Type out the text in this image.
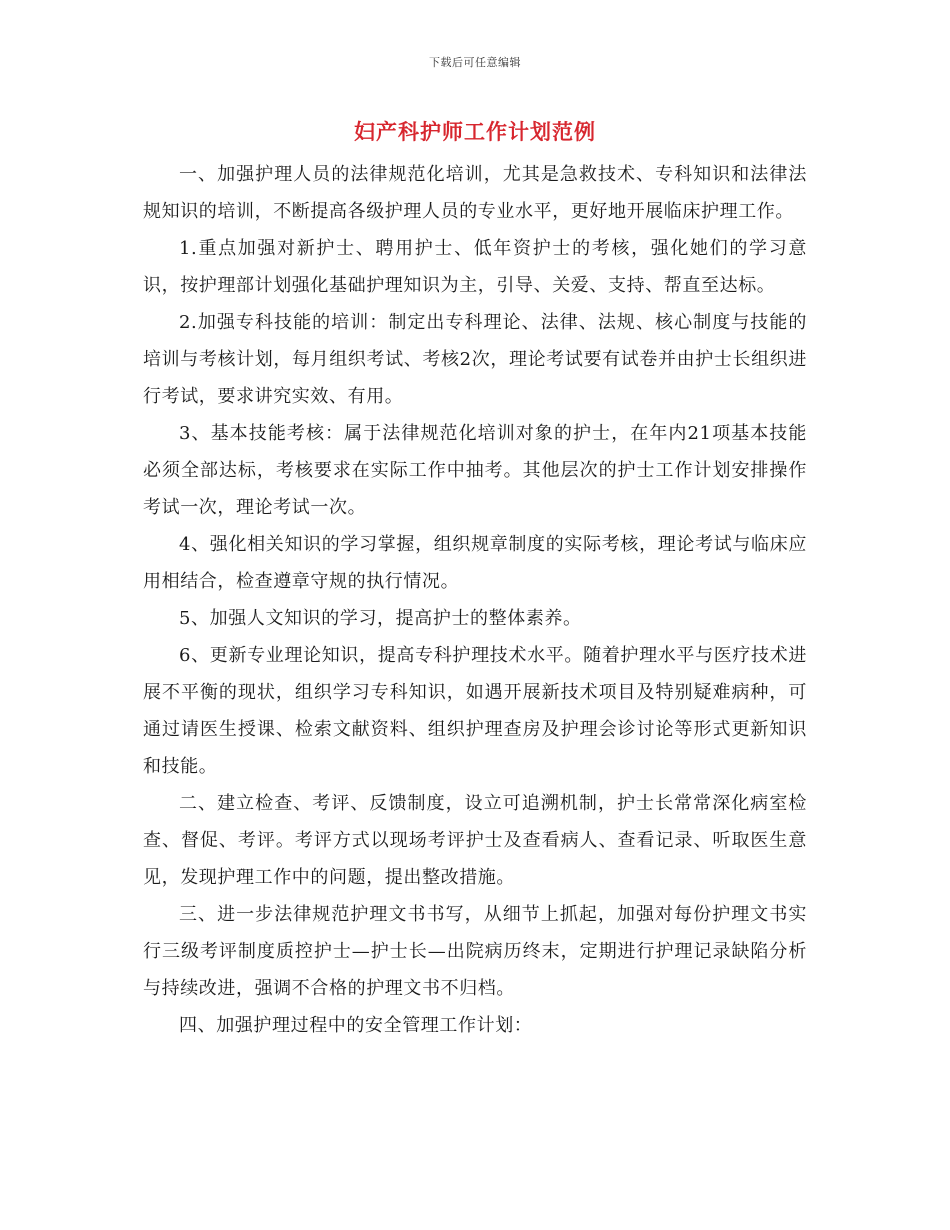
下载后可任意编辑
妇产科护师工作计划范例

一、加强护理人员的法律规范化培训，尤其是急救技术、专科知识和法律法规知识的培训，不断提高各级护理人员的专业水平，更好地开展临床护理工作。

1.重点加强对新护士、聘用护士、低年资护士的考核，强化她们的学习意识，按护理部计划强化基础护理知识为主，引导、关爱、支持、帮直至达标。

2.加强专科技能的培训：制定出专科理论、法律、法规、核心制度与技能的培训与考核计划，每月组织考试、考核2次，理论考试要有试卷并由护士长组织进行考试，要求讲究实效、有用。

3、基本技能考核：属于法律规范化培训对象的护士，在年内21项基本技能必须全部达标，考核要求在实际工作中抽考。其他层次的护士工作计划安排操作考试一次，理论考试一次。

4、强化相关知识的学习掌握，组织规章制度的实际考核，理论考试与临床应用相结合，检查遵章守规的执行情况。

5、加强人文知识的学习，提高护士的整体素养。

6、更新专业理论知识，提高专科护理技术水平。随着护理水平与医疗技术进展不平衡的现状，组织学习专科知识，如遇开展新技术项目及特别疑难病种，可通过请医生授课、检索文献资料、组织护理查房及护理会诊讨论等形式更新知识和技能。

二、建立检查、考评、反馈制度，设立可追溯机制，护士长常常深化病室检查、督促、考评。考评方式以现场考评护士及查看病人、查看记录、听取医生意见，发现护理工作中的问题，提出整改措施。

三、进一步法律规范护理文书书写，从细节上抓起，加强对每份护理文书实行三级考评制度质控护士—护士长—出院病历终末，定期进行护理记录缺陷分析与持续改进，强调不合格的护理文书不归档。

四、加强护理过程中的安全管理工作计划：
